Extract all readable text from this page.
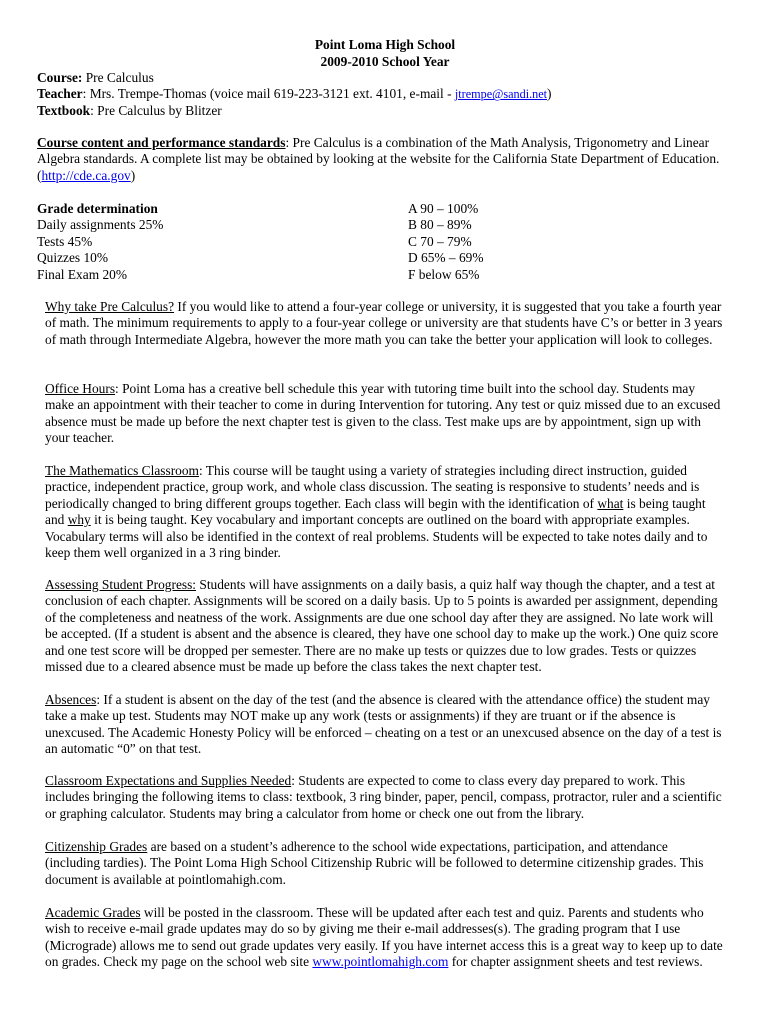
Point Loma High School
2009-2010 School Year
Course: Pre Calculus
Teacher: Mrs. Trempe-Thomas (voice mail 619-223-3121 ext. 4101, e-mail - jtrempe@sandi.net)
Textbook: Pre Calculus by Blitzer

Course content and performance standards: Pre Calculus is a combination of the Math Analysis, Trigonometry and Linear Algebra standards. A complete list may be obtained by looking at the website for the California State Department of Education. (http://cde.ca.gov)

Grade determination
Daily assignments 25%
Tests 45%
Quizzes 10%
Final Exam 20%
A 90 – 100%
B 80 – 89%
C 70 – 79%
D 65% – 69%
F below 65%

Why take Pre Calculus? If you would like to attend a four-year college or university, it is suggested that you take a fourth year of math. The minimum requirements to apply to a four-year college or university are that students have C’s or better in 3 years of math through Intermediate Algebra, however the more math you can take the better your application will look to colleges.

Office Hours: Point Loma has a creative bell schedule this year with tutoring time built into the school day. Students may make an appointment with their teacher to come in during Intervention for tutoring. Any test or quiz missed due to an excused absence must be made up before the next chapter test is given to the class. Test make ups are by appointment, sign up with your teacher.

The Mathematics Classroom: This course will be taught using a variety of strategies including direct instruction, guided practice, independent practice, group work, and whole class discussion. The seating is responsive to students’ needs and is periodically changed to bring different groups together. Each class will begin with the identification of what is being taught and why it is being taught. Key vocabulary and important concepts are outlined on the board with appropriate examples. Vocabulary terms will also be identified in the context of real problems. Students will be expected to take notes daily and to keep them well organized in a 3 ring binder.

Assessing Student Progress: Students will have assignments on a daily basis, a quiz half way though the chapter, and a test at conclusion of each chapter. Assignments will be scored on a daily basis. Up to 5 points is awarded per assignment, depending of the completeness and neatness of the work. Assignments are due one school day after they are assigned. No late work will be accepted. (If a student is absent and the absence is cleared, they have one school day to make up the work.) One quiz score and one test score will be dropped per semester. There are no make up tests or quizzes due to low grades. Tests or quizzes missed due to a cleared absence must be made up before the class takes the next chapter test.

Absences: If a student is absent on the day of the test (and the absence is cleared with the attendance office) the student may take a make up test. Students may NOT make up any work (tests or assignments) if they are truant or if the absence is unexcused. The Academic Honesty Policy will be enforced – cheating on a test or an unexcused absence on the day of a test is an automatic “0” on that test.

Classroom Expectations and Supplies Needed: Students are expected to come to class every day prepared to work. This includes bringing the following items to class: textbook, 3 ring binder, paper, pencil, compass, protractor, ruler and a scientific or graphing calculator. Students may bring a calculator from home or check one out from the library.

Citizenship Grades are based on a student’s adherence to the school wide expectations, participation, and attendance (including tardies). The Point Loma High School Citizenship Rubric will be followed to determine citizenship grades. This document is available at pointlomahigh.com.

Academic Grades will be posted in the classroom. These will be updated after each test and quiz. Parents and students who wish to receive e-mail grade updates may do so by giving me their e-mail addresses(s). The grading program that I use (Micrograde) allows me to send out grade updates very easily. If you have internet access this is a great way to keep up to date on grades. Check my page on the school web site www.pointlomahigh.com for chapter assignment sheets and test reviews.
